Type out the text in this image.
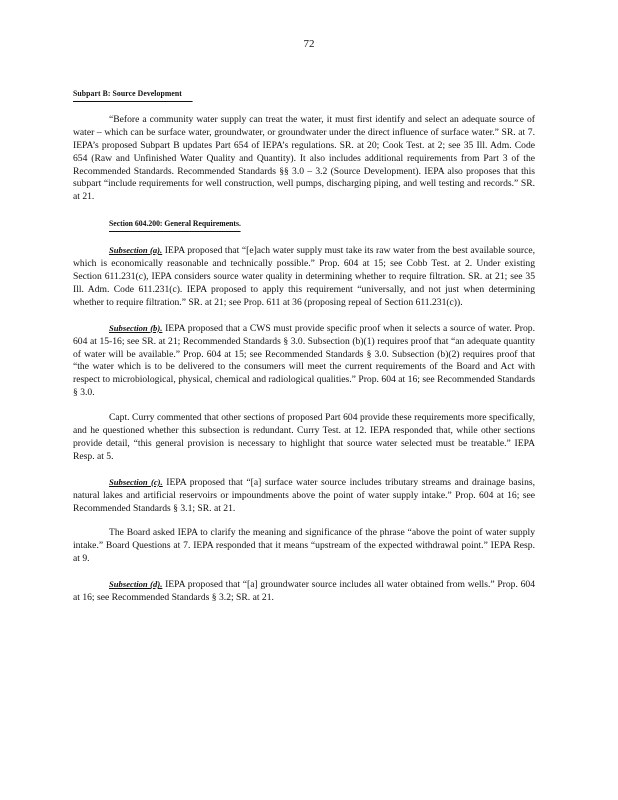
72
Subpart B: Source Development

“Before a community water supply can treat the water, it must first identify and select an adequate source of water – which can be surface water, groundwater, or groundwater under the direct influence of surface water.” SR. at 7. IEPA’s proposed Subpart B updates Part 654 of IEPA’s regulations. SR. at 20; Cook Test. at 2; see 35 Ill. Adm. Code 654 (Raw and Unfinished Water Quality and Quantity). It also includes additional requirements from Part 3 of the Recommended Standards. Recommended Standards §§ 3.0 – 3.2 (Source Development). IEPA also proposes that this subpart “include requirements for well construction, well pumps, discharging piping, and well testing and records.” SR. at 21.

Section 604.200: General Requirements.

Subsection (a). IEPA proposed that “[e]ach water supply must take its raw water from the best available source, which is economically reasonable and technically possible.” Prop. 604 at 15; see Cobb Test. at 2. Under existing Section 611.231(c), IEPA considers source water quality in determining whether to require filtration. SR. at 21; see 35 Ill. Adm. Code 611.231(c). IEPA proposed to apply this requirement “universally, and not just when determining whether to require filtration.” SR. at 21; see Prop. 611 at 36 (proposing repeal of Section 611.231(c)).

Subsection (b). IEPA proposed that a CWS must provide specific proof when it selects a source of water. Prop. 604 at 15-16; see SR. at 21; Recommended Standards § 3.0. Subsection (b)(1) requires proof that “an adequate quantity of water will be available.” Prop. 604 at 15; see Recommended Standards § 3.0. Subsection (b)(2) requires proof that “the water which is to be delivered to the consumers will meet the current requirements of the Board and Act with respect to microbiological, physical, chemical and radiological qualities.” Prop. 604 at 16; see Recommended Standards § 3.0.

Capt. Curry commented that other sections of proposed Part 604 provide these requirements more specifically, and he questioned whether this subsection is redundant. Curry Test. at 12. IEPA responded that, while other sections provide detail, “this general provision is necessary to highlight that source water selected must be treatable.” IEPA Resp. at 5.

Subsection (c). IEPA proposed that “[a] surface water source includes tributary streams and drainage basins, natural lakes and artificial reservoirs or impoundments above the point of water supply intake.” Prop. 604 at 16; see Recommended Standards § 3.1; SR. at 21.

The Board asked IEPA to clarify the meaning and significance of the phrase “above the point of water supply intake.” Board Questions at 7. IEPA responded that it means “upstream of the expected withdrawal point.” IEPA Resp. at 9.

Subsection (d). IEPA proposed that “[a] groundwater source includes all water obtained from wells.” Prop. 604 at 16; see Recommended Standards § 3.2; SR. at 21.
